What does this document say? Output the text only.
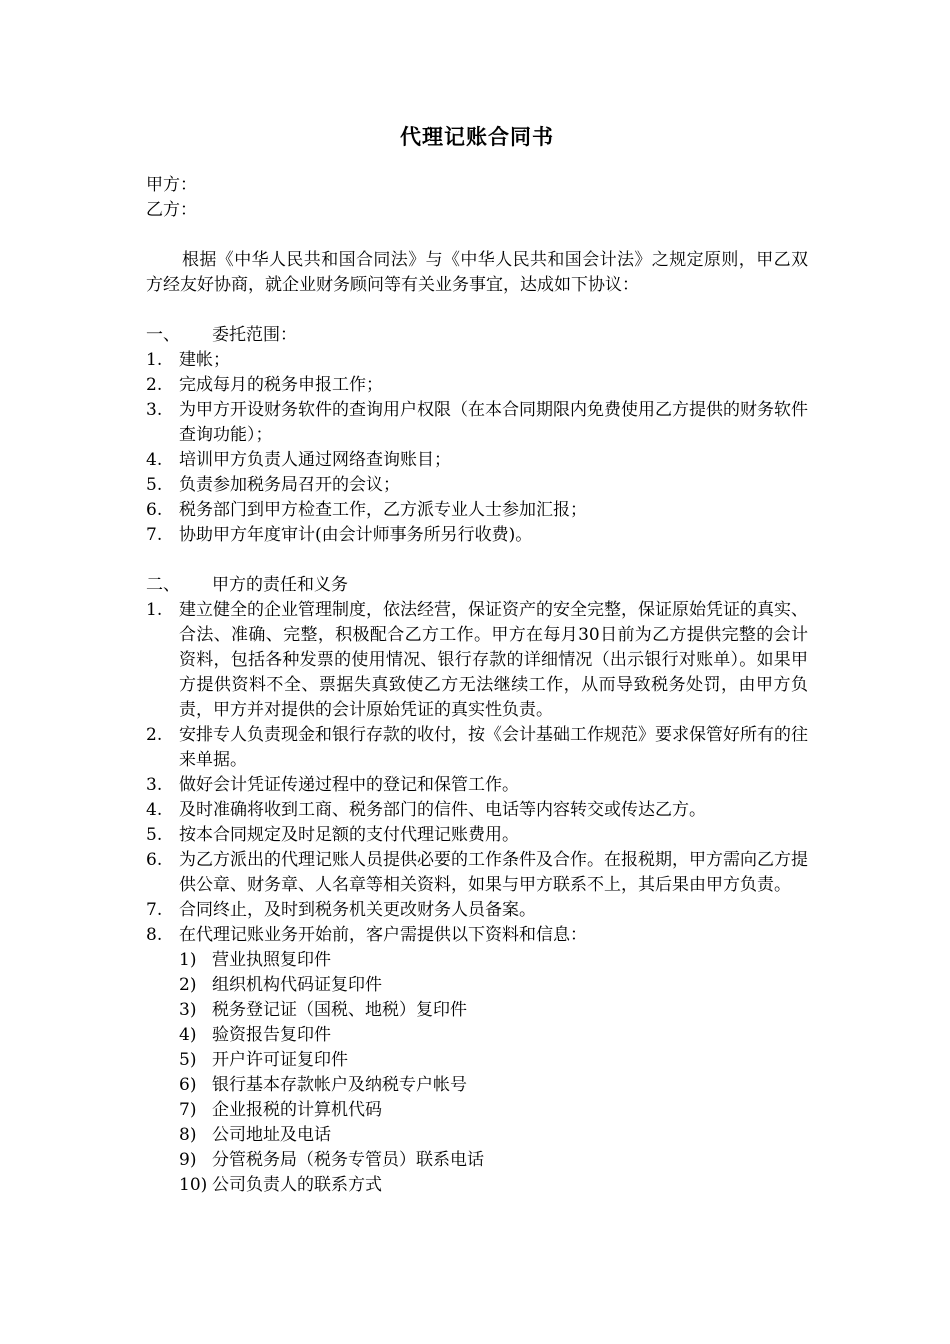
代理记账合同书
甲方：
乙方：
根据《中华人民共和国合同法》与《中华人民共和国会计法》之规定原则，甲乙双方经友好协商，就企业财务顾问等有关业务事宜，达成如下协议：
一、	委托范围：
1. 建帐；
2. 完成每月的税务申报工作；
3. 为甲方开设财务软件的查询用户权限（在本合同期限内免费使用乙方提供的财务软件查询功能）；
4. 培训甲方负责人通过网络查询账目；
5. 负责参加税务局召开的会议；
6. 税务部门到甲方检查工作，乙方派专业人士参加汇报；
7. 协助甲方年度审计(由会计师事务所另行收费)。
二、	甲方的责任和义务
1. 建立健全的企业管理制度，依法经营，保证资产的安全完整，保证原始凭证的真实、合法、准确、完整，积极配合乙方工作。甲方在每月30日前为乙方提供完整的会计资料，包括各种发票的使用情况、银行存款的详细情况（出示银行对账单）。如果甲方提供资料不全、票据失真致使乙方无法继续工作，从而导致税务处罚，由甲方负责，甲方并对提供的会计原始凭证的真实性负责。
2. 安排专人负责现金和银行存款的收付，按《会计基础工作规范》要求保管好所有的往来单据。
3. 做好会计凭证传递过程中的登记和保管工作。
4. 及时准确将收到工商、税务部门的信件、电话等内容转交或传达乙方。
5. 按本合同规定及时足额的支付代理记账费用。
6. 为乙方派出的代理记账人员提供必要的工作条件及合作。在报税期，甲方需向乙方提供公章、财务章、人名章等相关资料，如果与甲方联系不上，其后果由甲方负责。
7. 合同终止，及时到税务机关更改财务人员备案。
8. 在代理记账业务开始前，客户需提供以下资料和信息：
1) 营业执照复印件
2) 组织机构代码证复印件
3) 税务登记证（国税、地税）复印件
4) 验资报告复印件
5) 开户许可证复印件
6) 银行基本存款帐户及纳税专户帐号
7) 企业报税的计算机代码
8) 公司地址及电话
9) 分管税务局（税务专管员）联系电话
10) 公司负责人的联系方式
